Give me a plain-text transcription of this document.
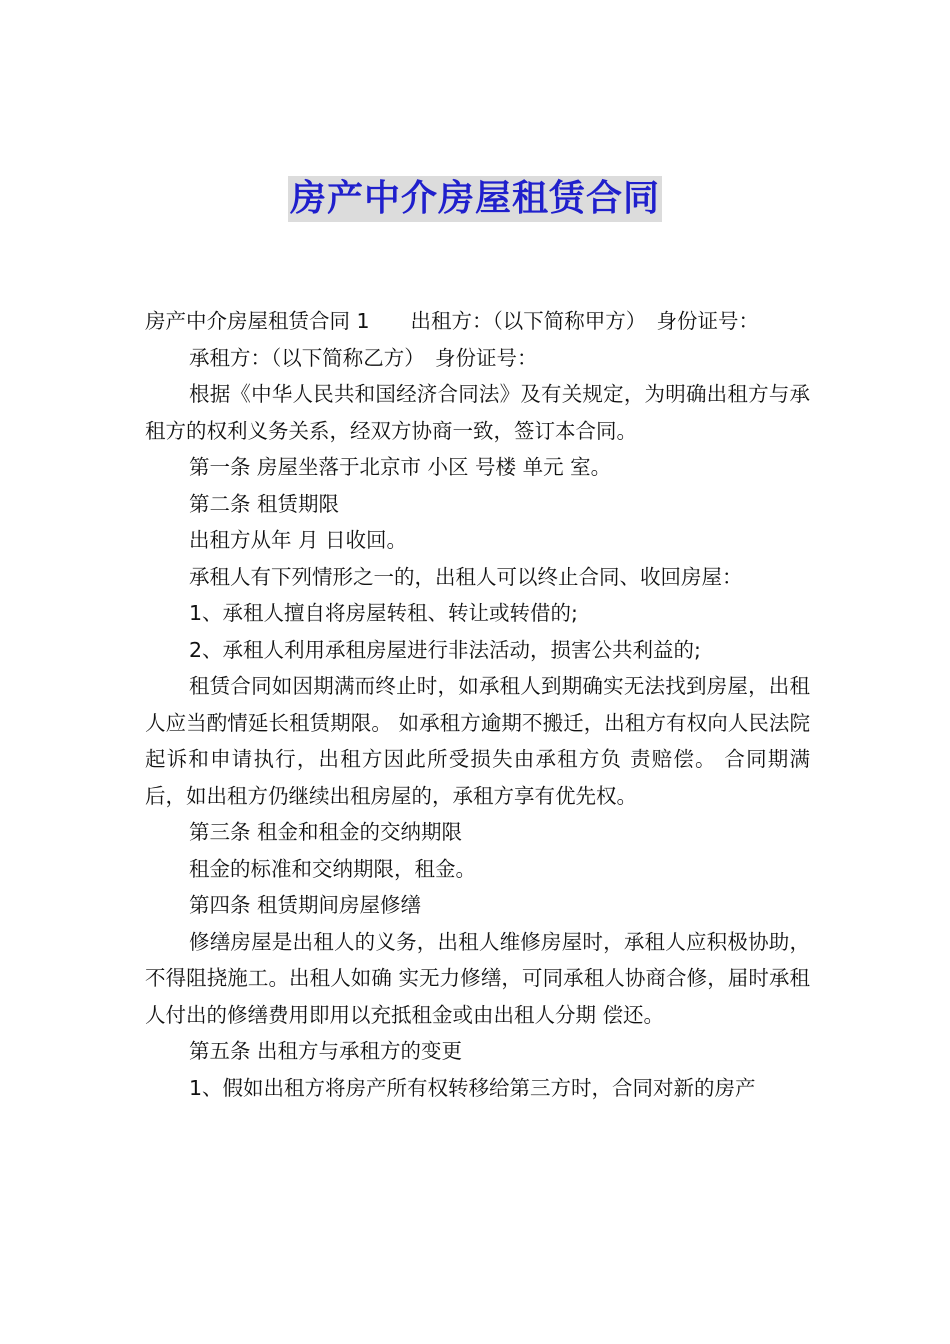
房产中介房屋租赁合同

房产中介房屋租赁合同 1　　出租方：（以下简称甲方）　身份证号：

承租方：（以下简称乙方）　身份证号：

根据《中华人民共和国经济合同法》及有关规定，为明确出租方与承租方的权利义务关系，经双方协商一致，签订本合同。

第一条 房屋坐落于北京市 小区 号楼 单元 室。

第二条 租赁期限

出租方从年 月 日收回。

承租人有下列情形之一的，出租人可以终止合同、收回房屋：

1、承租人擅自将房屋转租、转让或转借的;

2、承租人利用承租房屋进行非法活动，损害公共利益的;

租赁合同如因期满而终止时，如承租人到期确实无法找到房屋，出租人应当酌情延长租赁期限。 如承租方逾期不搬迁，出租方有权向人民法院起诉和申请执行，出租方因此所受损失由承租方负 责赔偿。 合同期满后，如出租方仍继续出租房屋的，承租方享有优先权。

第三条 租金和租金的交纳期限

租金的标准和交纳期限，租金。

第四条 租赁期间房屋修缮

修缮房屋是出租人的义务，出租人维修房屋时，承租人应积极协助，不得阻挠施工。出租人如确 实无力修缮，可同承租人协商合修，届时承租人付出的修缮费用即用以充抵租金或由出租人分期 偿还。

第五条 出租方与承租方的变更

1、假如出租方将房产所有权转移给第三方时，合同对新的房产
